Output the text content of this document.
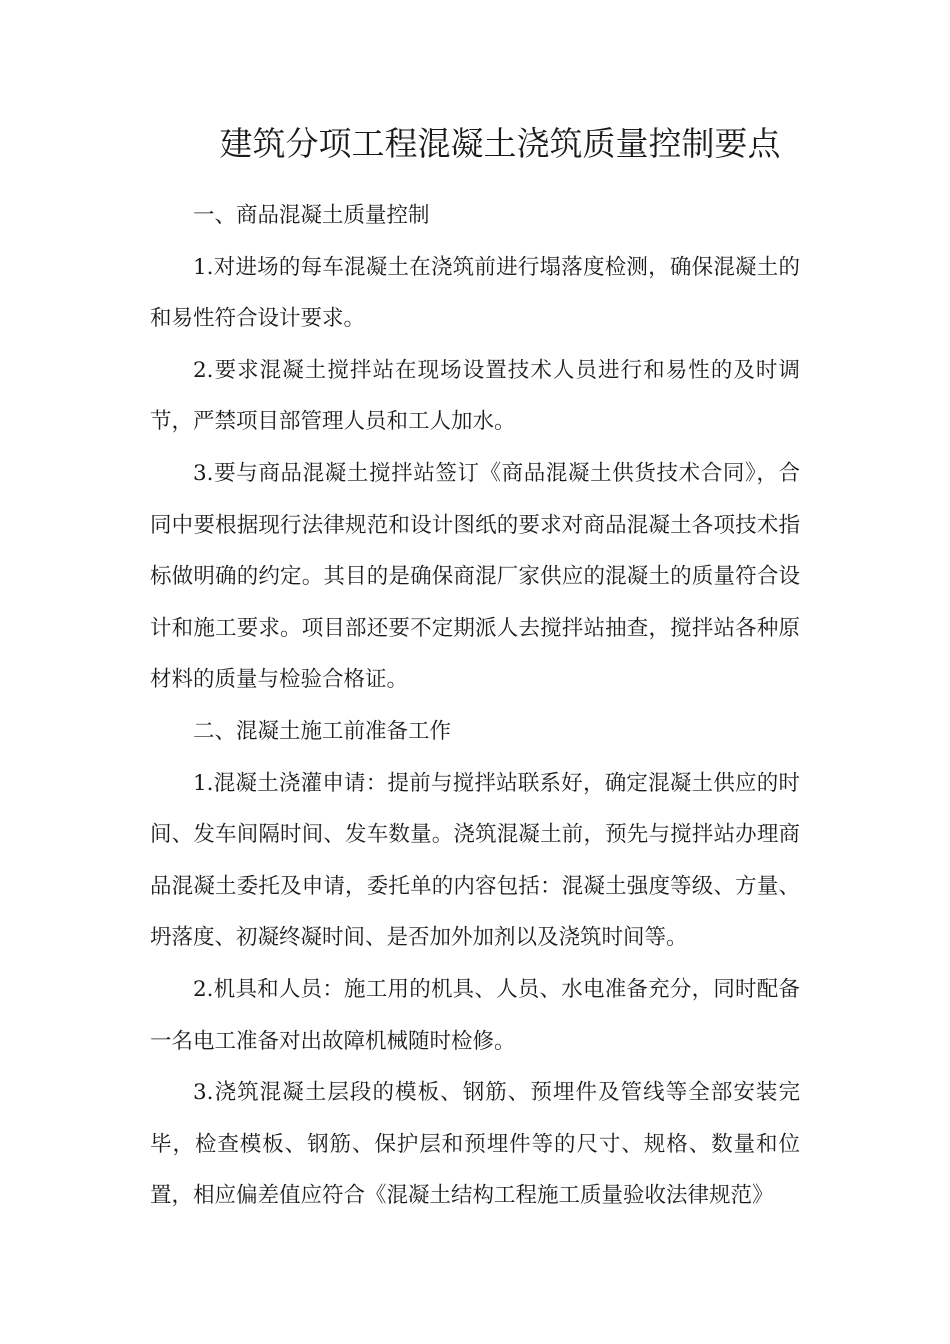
建筑分项工程混凝土浇筑质量控制要点

一、商品混凝土质量控制

1.对进场的每车混凝土在浇筑前进行塌落度检测，确保混凝土的和易性符合设计要求。

2.要求混凝土搅拌站在现场设置技术人员进行和易性的及时调节，严禁项目部管理人员和工人加水。

3.要与商品混凝土搅拌站签订《商品混凝土供货技术合同》，合同中要根据现行法律规范和设计图纸的要求对商品混凝土各项技术指标做明确的约定。其目的是确保商混厂家供应的混凝土的质量符合设计和施工要求。项目部还要不定期派人去搅拌站抽查，搅拌站各种原材料的质量与检验合格证。

二、混凝土施工前准备工作

1.混凝土浇灌申请：提前与搅拌站联系好，确定混凝土供应的时间、发车间隔时间、发车数量。浇筑混凝土前，预先与搅拌站办理商品混凝土委托及申请，委托单的内容包括：混凝土强度等级、方量、坍落度、初凝终凝时间、是否加外加剂以及浇筑时间等。

2.机具和人员：施工用的机具、人员、水电准备充分，同时配备一名电工准备对出故障机械随时检修。

3.浇筑混凝土层段的模板、钢筋、预埋件及管线等全部安装完毕，检查模板、钢筋、保护层和预埋件等的尺寸、规格、数量和位置，相应偏差值应符合《混凝土结构工程施工质量验收法律规范》
